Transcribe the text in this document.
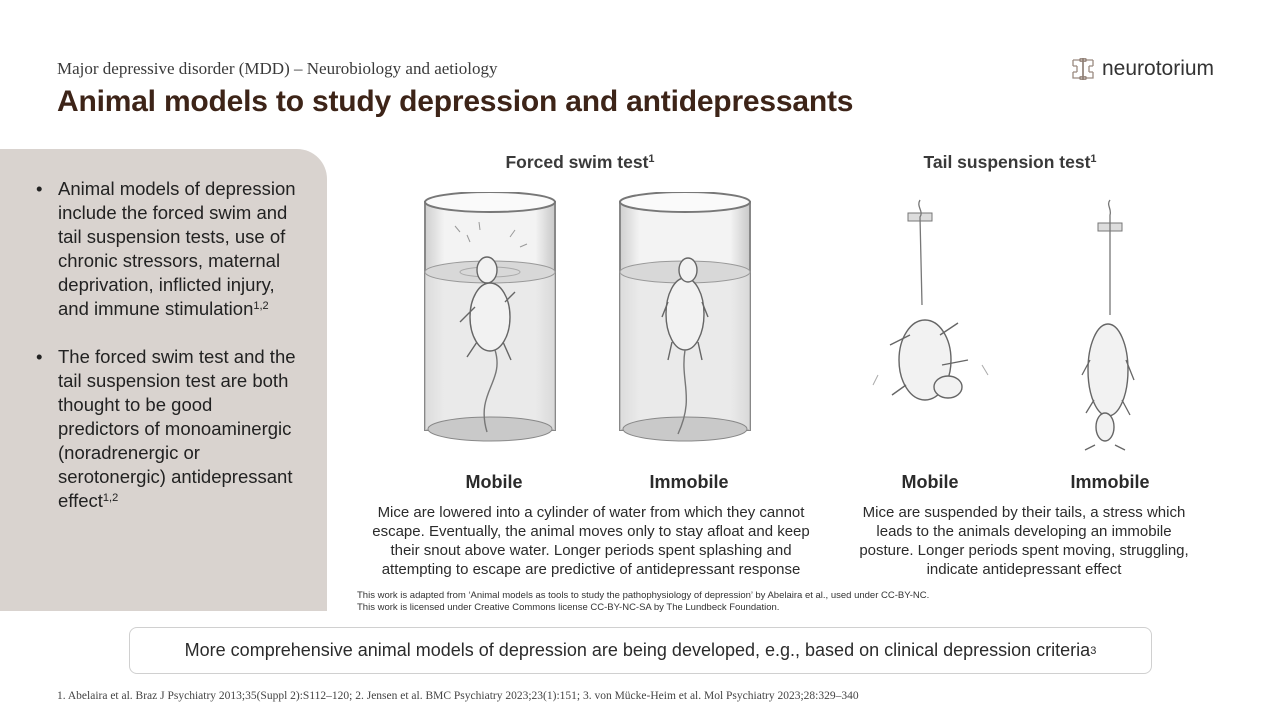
Major depressive disorder (MDD) – Neurobiology and aetiology
Animal models to study depression and antidepressants
neurotorium
• Animal models of depression include the forced swim and tail suspension tests, use of chronic stressors, maternal deprivation, inflicted injury, and immune stimulation$^{1,2}$
• The forced swim test and the tail suspension test are both thought to be good predictors of monoaminergic (noradrenergic or serotonergic) antidepressant effect$^{1,2}$
Forced swim test$^1$
Mobile	Immobile
Mice are lowered into a cylinder of water from which they cannot escape. Eventually, the animal moves only to stay afloat and keep their snout above water. Longer periods spent splashing and attempting to escape are predictive of antidepressant response
Tail suspension test$^1$
Mobile	Immobile
Mice are suspended by their tails, a stress which leads to the animals developing an immobile posture. Longer periods spent moving, struggling, indicate antidepressant effect
This work is adapted from ‘Animal models as tools to study the pathophysiology of depression’ by Abelaira et al., used under CC-BY-NC.
This work is licensed under Creative Commons license CC-BY-NC-SA by The Lundbeck Foundation.
More comprehensive animal models of depression are being developed, e.g., based on clinical depression criteria 3
1. Abelaira et al. Braz J Psychiatry 2013;35(Suppl 2):S112–120; 2. Jensen et al. BMC Psychiatry 2023;23(1):151; 3. von Mücke-Heim et al. Mol Psychiatry 2023;28:329–340
